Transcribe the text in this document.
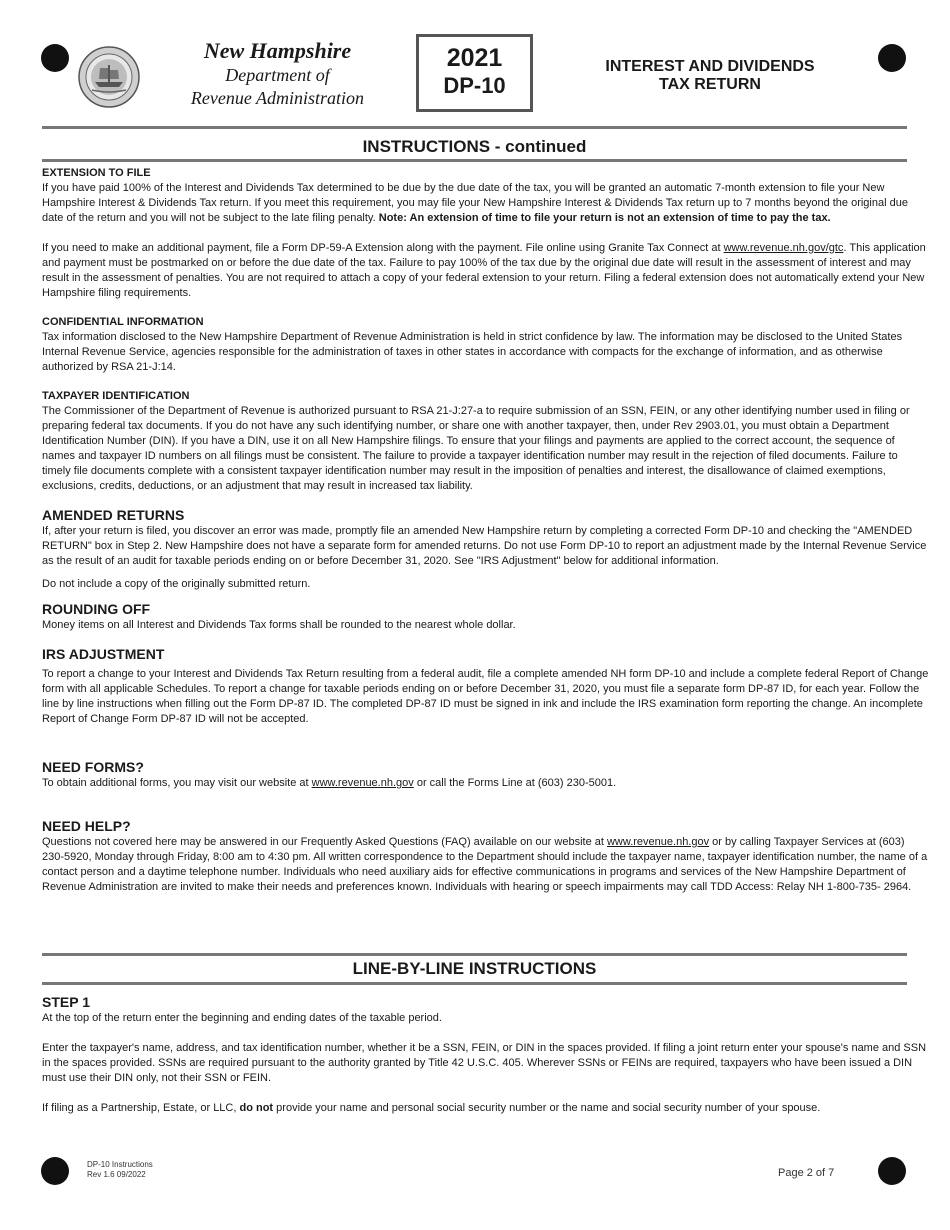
New Hampshire
Department of
Revenue Administration
2021
DP-10
INTEREST AND DIVIDENDS
TAX RETURN
INSTRUCTIONS - continued

EXTENSION TO FILE

If you have paid 100% of the Interest and Dividends Tax determined to be due by the due date of the tax, you will be granted an automatic 7-month extension to file your New Hampshire Interest & Dividends Tax return. If you meet this requirement, you may file your New Hampshire Interest & Dividends Tax return up to 7 months beyond the original due date of the return and you will not be subject to the late filing penalty. Note: An extension of time to file your return is not an extension of time to pay the tax.

If you need to make an additional payment, file a Form DP-59-A Extension along with the payment. File online using Granite Tax Connect at www.revenue.nh.gov/gtc. This application and payment must be postmarked on or before the due date of the tax. Failure to pay 100% of the tax due by the original due date will result in the assessment of interest and may result in the assessment of penalties. You are not required to attach a copy of your federal extension to your return. Filing a federal extension does not automatically extend your New Hampshire filing requirements.

CONFIDENTIAL INFORMATION

Tax information disclosed to the New Hampshire Department of Revenue Administration is held in strict confidence by law. The information may be disclosed to the United States Internal Revenue Service, agencies responsible for the administration of taxes in other states in accordance with compacts for the exchange of information, and as otherwise authorized by RSA 21-J:14.

TAXPAYER IDENTIFICATION

The Commissioner of the Department of Revenue is authorized pursuant to RSA 21-J:27-a to require submission of an SSN, FEIN, or any other identifying number used in filing or preparing federal tax documents. If you do not have any such identifying number, or share one with another taxpayer, then, under Rev 2903.01, you must obtain a Department Identification Number (DIN). If you have a DIN, use it on all New Hampshire filings. To ensure that your filings and payments are applied to the correct account, the sequence of names and taxpayer ID numbers on all filings must be consistent. The failure to provide a taxpayer identification number may result in the rejection of filed documents. Failure to timely file documents complete with a consistent taxpayer identification number may result in the imposition of penalties and interest, the disallowance of claimed exemptions, exclusions, credits, deductions, or an adjustment that may result in increased tax liability.

AMENDED RETURNS

If, after your return is filed, you discover an error was made, promptly file an amended New Hampshire return by completing a corrected Form DP-10 and checking the "AMENDED RETURN" box in Step 2. New Hampshire does not have a separate form for amended returns. Do not use Form DP-10 to report an adjustment made by the Internal Revenue Service as the result of an audit for taxable periods ending on or before December 31, 2020. See "IRS Adjustment" below for additional information.

Do not include a copy of the originally submitted return.

ROUNDING OFF

Money items on all Interest and Dividends Tax forms shall be rounded to the nearest whole dollar.

IRS ADJUSTMENT

To report a change to your Interest and Dividends Tax Return resulting from a federal audit, file a complete amended NH form DP-10 and include a complete federal Report of Change form with all applicable Schedules. To report a change for taxable periods ending on or before December 31, 2020, you must file a separate form DP-87 ID, for each year. Follow the line by line instructions when filling out the Form DP-87 ID. The completed DP-87 ID must be signed in ink and include the IRS examination form reporting the change. An incomplete Report of Change Form DP-87 ID will not be accepted.

NEED FORMS?

To obtain additional forms, you may visit our website at www.revenue.nh.gov or call the Forms Line at (603) 230-5001.

NEED HELP?

Questions not covered here may be answered in our Frequently Asked Questions (FAQ) available on our website at www.revenue.nh.gov or by calling Taxpayer Services at (603) 230-5920, Monday through Friday, 8:00 am to 4:30 pm. All written correspondence to the Department should include the taxpayer name, taxpayer identification number, the name of a contact person and a daytime telephone number. Individuals who need auxiliary aids for effective communications in programs and services of the New Hampshire Department of Revenue Administration are invited to make their needs and preferences known. Individuals with hearing or speech impairments may call TDD Access: Relay NH 1-800-735- 2964.

LINE-BY-LINE INSTRUCTIONS

STEP 1

At the top of the return enter the beginning and ending dates of the taxable period.

Enter the taxpayer's name, address, and tax identification number, whether it be a SSN, FEIN, or DIN in the spaces provided. If filing a joint return enter your spouse's name and SSN in the spaces provided. SSNs are required pursuant to the authority granted by Title 42 U.S.C. 405. Wherever SSNs or FEINs are required, taxpayers who have been issued a DIN must use their DIN only, not their SSN or FEIN.

If filing as a Partnership, Estate, or LLC, do not provide your name and personal social security number or the name and social security number of your spouse.

DP-10 Instructions
Rev 1.6 09/2022	Page 2 of 7
